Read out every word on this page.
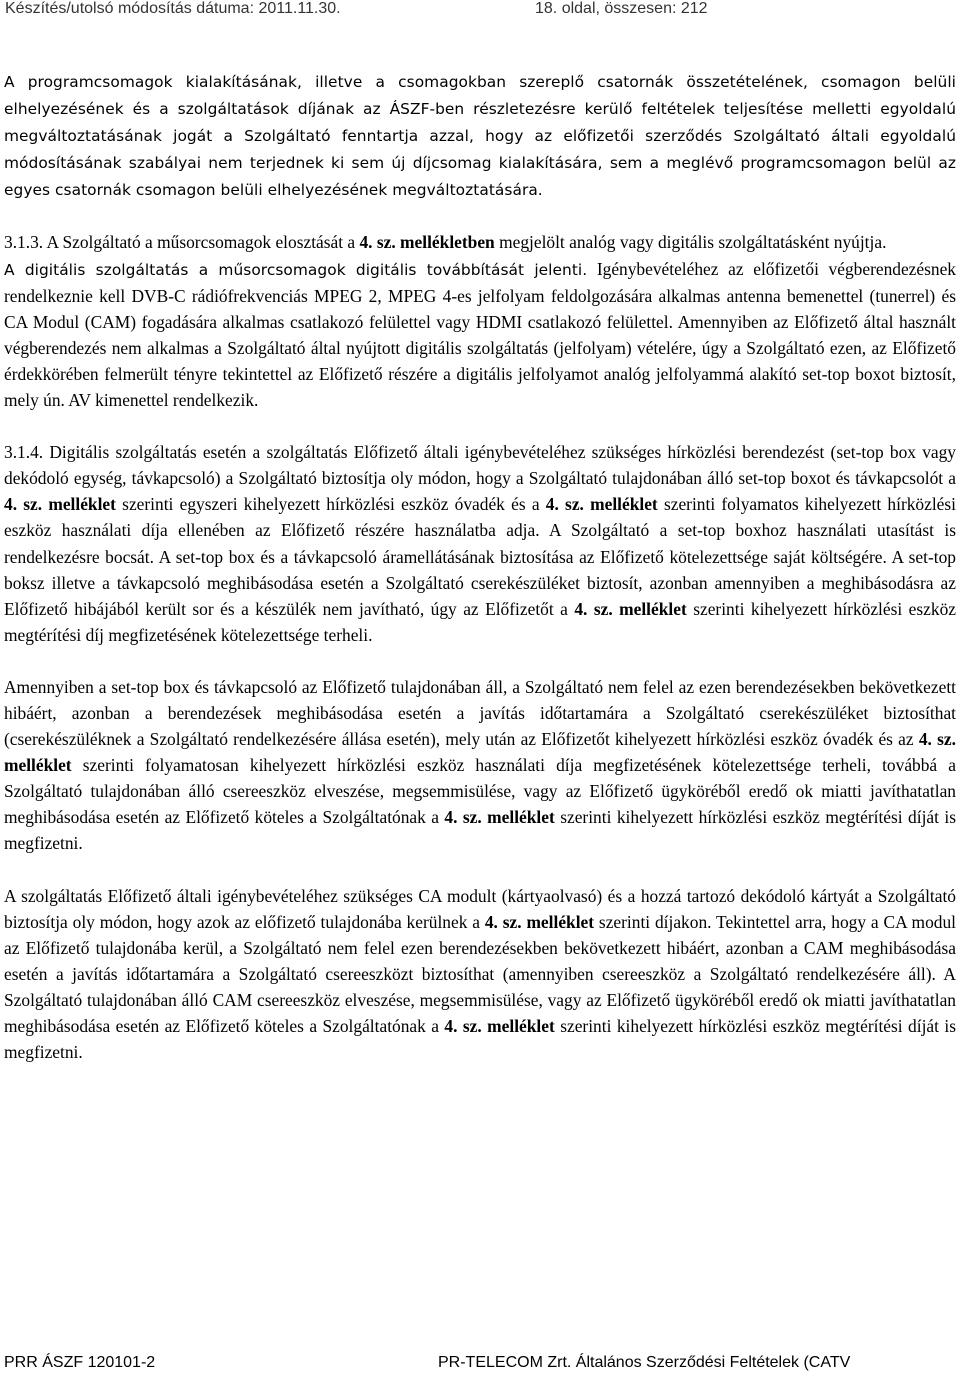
Készítés/utolsó módosítás dátuma: 2011.11.30.	18. oldal, összesen: 212

A programcsomagok kialakításának, illetve a csomagokban szereplő csatornák összetételének, csomagon belüli elhelyezésének és a szolgáltatások díjának az ÁSZF-ben részletezésre kerülő feltételek teljesítése melletti egyoldalú megváltoztatásának jogát a Szolgáltató fenntartja azzal, hogy az előfizetői szerződés Szolgáltató általi egyoldalú módosításának szabályai nem terjednek ki sem új díjcsomag kialakítására, sem a meglévő programcsomagon belül az egyes csatornák csomagon belüli elhelyezésének megváltoztatására.

3.1.3. A Szolgáltató a műsorcsomagok elosztását a 4. sz. mellékletben megjelölt analóg vagy digitális szolgáltatásként nyújtja.

A digitális szolgáltatás a műsorcsomagok digitális továbbítását jelenti. Igénybevételéhez az előfizetői végberendezésnek rendelkeznie kell DVB-C rádiófrekvenciás MPEG 2, MPEG 4-es jelfolyam feldolgozására alkalmas antenna bemenettel (tunerrel) és CA Modul (CAM) fogadására alkalmas csatlakozó felülettel vagy HDMI csatlakozó felülettel. Amennyiben az Előfizető által használt végberendezés nem alkalmas a Szolgáltató által nyújtott digitális szolgáltatás (jelfolyam) vételére, úgy a Szolgáltató ezen, az Előfizető érdekkörében felmerült tényre tekintettel az Előfizető részére a digitális jelfolyamot analóg jelfolyammá alakító set-top boxot biztosít, mely ún. AV kimenettel rendelkezik.

3.1.4. Digitális szolgáltatás esetén a szolgáltatás Előfizető általi igénybevételéhez szükséges hírközlési berendezést (set-top box vagy dekódoló egység, távkapcsoló) a Szolgáltató biztosítja oly módon, hogy a Szolgáltató tulajdonában álló set-top boxot és távkapcsolót a 4. sz. melléklet szerinti egyszeri kihelyezett hírközlési eszköz óvadék és a 4. sz. melléklet szerinti folyamatos kihelyezett hírközlési eszköz használati díja ellenében az Előfizető részére használatba adja. A Szolgáltató a set-top boxhoz használati utasítást is rendelkezésre bocsát. A set-top box és a távkapcsoló áramellátásának biztosítása az Előfizető kötelezettsége saját költségére. A set-top boksz illetve a távkapcsoló meghibásodása esetén a Szolgáltató cserekészüléket biztosít, azonban amennyiben a meghibásodásra az Előfizető hibájából került sor és a készülék nem javítható, úgy az Előfizetőt a 4. sz. melléklet szerinti kihelyezett hírközlési eszköz megtérítési díj megfizetésének kötelezettsége terheli.

Amennyiben a set-top box és távkapcsoló az Előfizető tulajdonában áll, a Szolgáltató nem felel az ezen berendezésekben bekövetkezett hibáért, azonban a berendezések meghibásodása esetén a javítás időtartamára a Szolgáltató cserekészüléket biztosíthat (cserekészüléknek a Szolgáltató rendelkezésére állása esetén), mely után az Előfizetőt kihelyezett hírközlési eszköz óvadék és az 4. sz. melléklet szerinti folyamatosan kihelyezett hírközlési eszköz használati díja megfizetésének kötelezettsége terheli, továbbá a Szolgáltató tulajdonában álló csereeszköz elveszése, megsemmisülése, vagy az Előfizető ügyköréből eredő ok miatti javíthatatlan meghibásodása esetén az Előfizető köteles a Szolgáltatónak a 4. sz. melléklet szerinti kihelyezett hírközlési eszköz megtérítési díját is megfizetni.

A szolgáltatás Előfizető általi igénybevételéhez szükséges CA modult (kártyaolvasó) és a hozzá tartozó dekódoló kártyát a Szolgáltató biztosítja oly módon, hogy azok az előfizető tulajdonába kerülnek a 4. sz. melléklet szerinti díjakon. Tekintettel arra, hogy a CA modul az Előfizető tulajdonába kerül, a Szolgáltató nem felel ezen berendezésekben bekövetkezett hibáért, azonban a CAM meghibásodása esetén a javítás időtartamára a Szolgáltató csereeszközt biztosíthat (amennyiben csereeszköz a Szolgáltató rendelkezésére áll). A Szolgáltató tulajdonában álló CAM csereeszköz elveszése, megsemmisülése, vagy az Előfizető ügyköréből eredő ok miatti javíthatatlan meghibásodása esetén az Előfizető köteles a Szolgáltatónak a 4. sz. melléklet szerinti kihelyezett hírközlési eszköz megtérítési díját is megfizetni.

PRR ÁSZF 120101-2	PR-TELECOM Zrt. Általános Szerződési Feltételek (CATV
